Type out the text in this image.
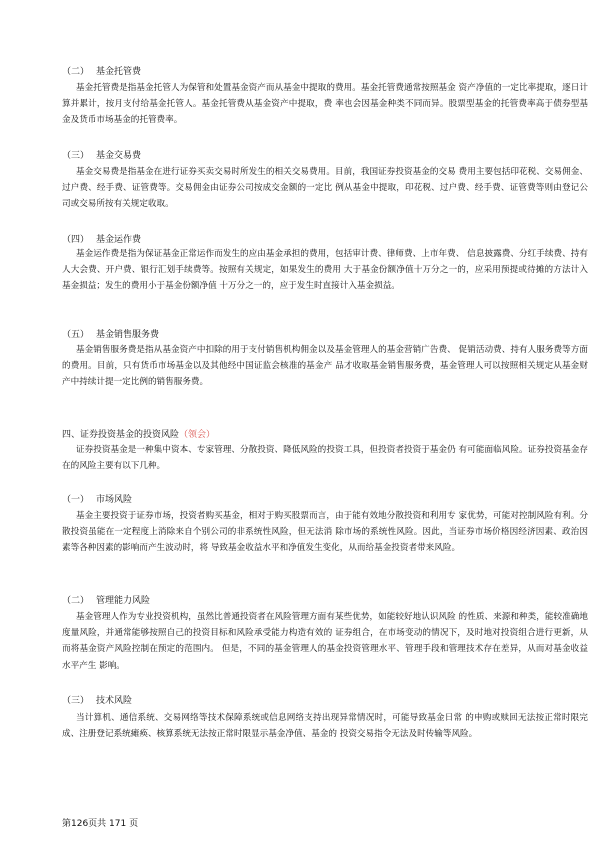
（二） 基金托管费
基金托管费是指基金托管人为保管和处置基金资产而从基金中提取的费用。基金托管费通常按照基金 资产净值的一定比率提取，逐日计算并累计，按月支付给基金托管人。基金托管费从基金资产中提取，费 率也会因基金种类不同而异。股票型基金的托管费率高于债券型基金及货币市场基金的托管费率。
（三） 基金交易费
基金交易费是指基金在进行证券买卖交易时所发生的相关交易费用。目前，我国证券投资基金的交易 费用主要包括印花税、交易佣金、过户费、经手费、证管费等。交易佣金由证券公司按成交金额的一定比 例从基金中提取，印花税、过户费、经手费、证管费等则由登记公司或交易所按有关规定收取。
（四） 基金运作费
基金运作费是指为保证基金正常运作而发生的应由基金承担的费用，包括审计费、律师费、上市年费、 信息披露费、分红手续费、持有人大会费、开户费、银行汇划手续费等。按照有关规定，如果发生的费用 大于基金份额净值十万分之一的，应采用预提或待摊的方法计入基金损益；发生的费用小于基金份额净值 十万分之一的，应于发生时直接计入基金损益。
（五） 基金销售服务费
基金销售服务费是指从基金资产中扣除的用于支付销售机构佣金以及基金管理人的基金营销广告费、 促销活动费、持有人服务费等方面的费用。目前，只有货币市场基金以及其他经中国证监会核准的基金产 品才收取基金销售服务费，基金管理人可以按照相关规定从基金财产中持续计提一定比例的销售服务费。
四、证券投资基金的投资风险（领会）
证券投资基金是一种集中资本、专家管理、分散投资、降低风险的投资工具，但投资者投资于基金仍 有可能面临风险。证券投资基金存在的风险主要有以下几种。
（一） 市场风险
基金主要投资于证券市场，投资者购买基金，相对于购买股票而言，由于能有效地分散投资和利用专 家优势，可能对控制风险有利。分散投资虽能在一定程度上消除来自个别公司的非系统性风险，但无法消 除市场的系统性风险。因此，当证券市场价格因经济因素、政治因素等各种因素的影响而产生波动时，将 导致基金收益水平和净值发生变化，从而给基金投资者带来风险。
（二） 管理能力风险
基金管理人作为专业投资机构，虽然比普通投资者在风险管理方面有某些优势，如能较好地认识风险 的性质、来源和种类，能较准确地度量风险，并通常能够按照自己的投资目标和风险承受能力构造有效的 证券组合，在市场变动的情况下，及时地对投资组合进行更新，从而将基金资产风险控制在预定的范围内。 但是，不同的基金管理人的基金投资管理水平、管理手段和管理技术存在差异，从而对基金收益水平产生 影响。
（三） 技术风险
当计算机、通信系统、交易网络等技术保障系统或信息网络支持出现异常情况时，可能导致基金日常 的申购或赎回无法按正常时限完成、注册登记系统瘫痪、核算系统无法按正常时限显示基金净值、基金的 投资交易指令无法及时传输等风险。
第126页共 171 页
